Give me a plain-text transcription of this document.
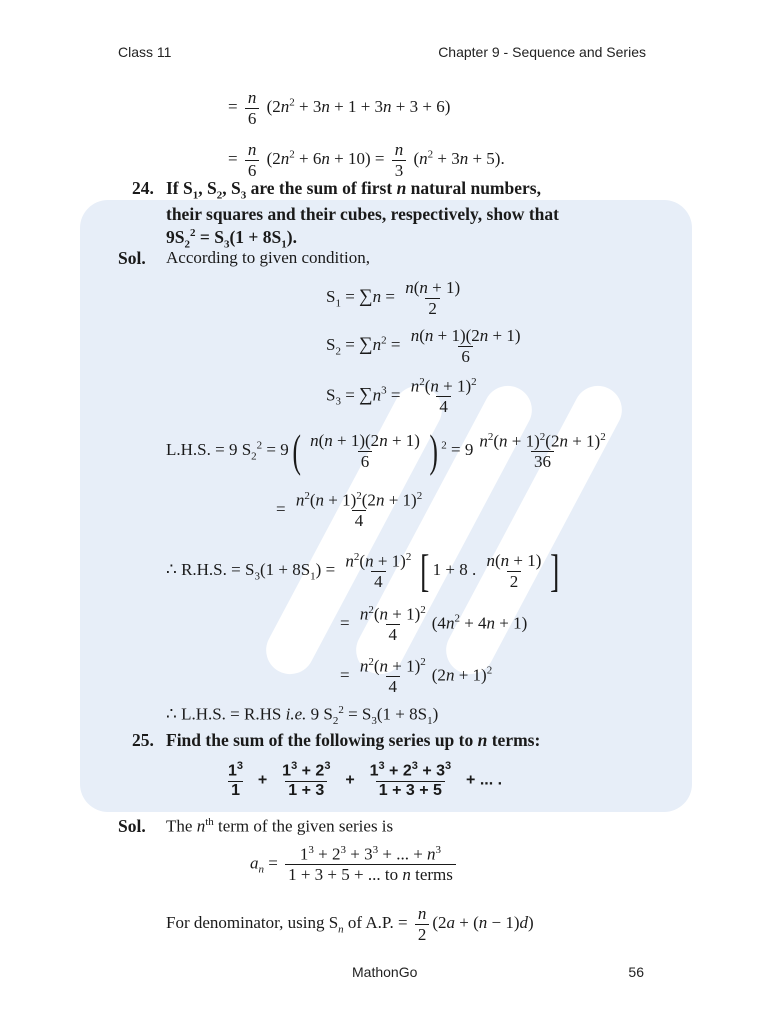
Class 11	Chapter 9 - Sequence and Series
= $\frac{n}{6} (2n^2 + 3n + 1 + 3n + 3 + 6)$
= $\frac{n}{6} (2n^2 + 6n + 10) = \frac{n}{3} (n^2 + 3n + 5)$.
24. If $S_1$, $S_2$, $S_3$ are the sum of first n natural numbers,
their squares and their cubes, respectively, show that
$9S_2^2 = S_3(1 + 8S_1)$.
Sol. According to given condition,
$S_1 = \sum n = \frac{n(n + 1)}{2}$
$S_2 = \sum n^2 = \frac{n(n + 1)(2n + 1)}{6}$
$S_3 = \sum n^3 = \frac{n^2(n + 1)^2}{4}$
L.H.S. = 9 $S_2^2 = 9( \frac{n(n + 1)(2n + 1)}{6}$ ) $^2 = 9 \frac{n^2(n + 1)^2(2n + 1)^2}{36}$
= $\frac{n^2(n + 1)^2(2n + 1)^2}{4}$
∴ R.H.S. = $S_3(1 + 8S_1) = \frac{n^2(n + 1)^2}{4}$ [ 1 + 8 . $\frac{n(n + 1)}{2}$ ]
= $\frac{n^2(n + 1)^2}{4} (4n^2 + 4n + 1)$
= $\frac{n^2(n + 1)^2}{4} (2n + 1)^2$
∴ L.H.S. = R.HS i.e. 9 $S_2^2 = S_3(1 + 8S_1)$
25. Find the sum of the following series up to n terms:
$\frac{1^3}{1} + \frac{1^3 + 2^3}{1 + 3} + \frac{1^3 + 2^3 + 3^3}{1 + 3 + 5}$ + ... .
Sol. The $n^{th}$ term of the given series is
$a_n = \frac{1^3 + 2^3 + 3^3 + ... + n^3}{\text{1 + 3 + 5 + ... to n terms}}$
For denominator, using $S_n$ of A.P. = $\frac{n}{2} (2a + (n - 1)d)$
MathonGo	56
